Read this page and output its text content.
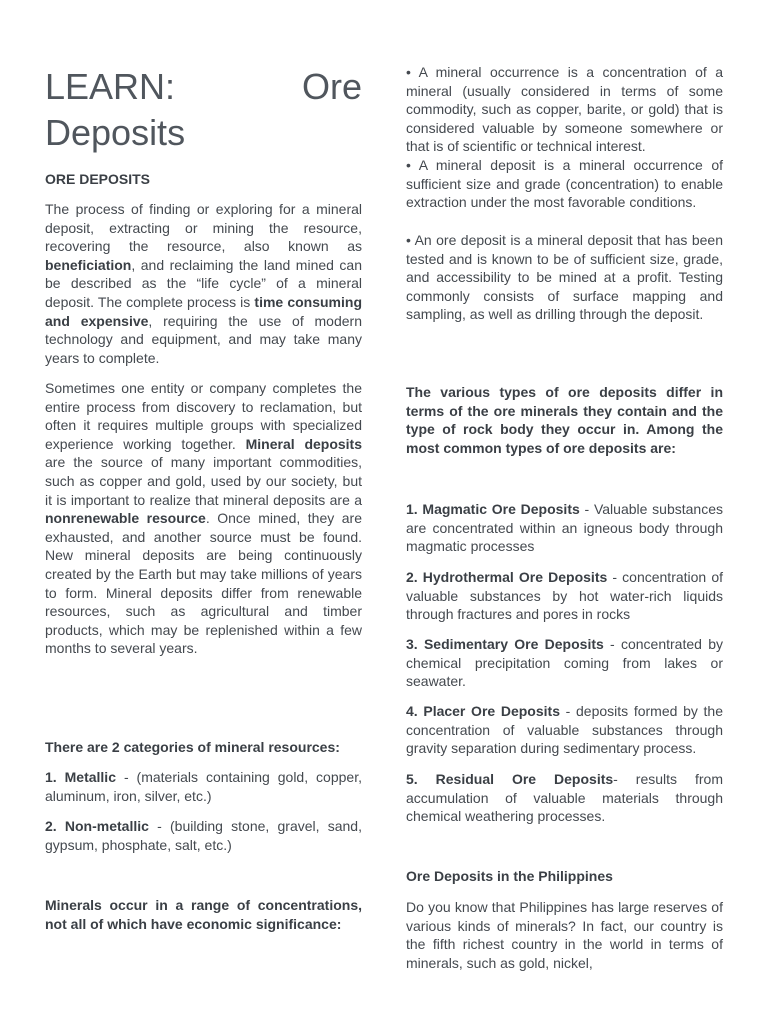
LEARN:	Ore
Deposits
ORE DEPOSITS

The process of finding or exploring for a mineral deposit, extracting or mining the resource, recovering the resource, also known as beneficiation, and reclaiming the land mined can be described as the “life cycle” of a mineral deposit. The complete process is time consuming and expensive, requiring the use of modern technology and equipment, and may take many years to complete.

Sometimes one entity or company completes the entire process from discovery to reclamation, but often it requires multiple groups with specialized experience working together. Mineral deposits are the source of many important commodities, such as copper and gold, used by our society, but it is important to realize that mineral deposits are a nonrenewable resource. Once mined, they are exhausted, and another source must be found. New mineral deposits are being continuously created by the Earth but may take millions of years to form. Mineral deposits differ from renewable resources, such as agricultural and timber products, which may be replenished within a few months to several years.

There are 2 categories of mineral resources:

1. Metallic - (materials containing gold, copper, aluminum, iron, silver, etc.)

2. Non-metallic - (building stone, gravel, sand, gypsum, phosphate, salt, etc.)

Minerals occur in a range of concentrations, not all of which have economic significance:

• A mineral occurrence is a concentration of a mineral (usually considered in terms of some commodity, such as copper, barite, or gold) that is considered valuable by someone somewhere or that is of scientific or technical interest.

• A mineral deposit is a mineral occurrence of sufficient size and grade (concentration) to enable extraction under the most favorable conditions.

• An ore deposit is a mineral deposit that has been tested and is known to be of sufficient size, grade, and accessibility to be mined at a profit. Testing commonly consists of surface mapping and sampling, as well as drilling through the deposit.

The various types of ore deposits differ in terms of the ore minerals they contain and the type of rock body they occur in. Among the most common types of ore deposits are:

1. Magmatic Ore Deposits - Valuable substances are concentrated within an igneous body through magmatic processes

2. Hydrothermal Ore Deposits - concentration of valuable substances by hot water-rich liquids through fractures and pores in rocks

3. Sedimentary Ore Deposits - concentrated by chemical precipitation coming from lakes or seawater.

4. Placer Ore Deposits - deposits formed by the concentration of valuable substances through gravity separation during sedimentary process.

5. Residual Ore Deposits- results from accumulation of valuable materials through chemical weathering processes.

Ore Deposits in the Philippines

Do you know that Philippines has large reserves of various kinds of minerals? In fact, our country is the fifth richest country in the world in terms of minerals, such as gold, nickel,
